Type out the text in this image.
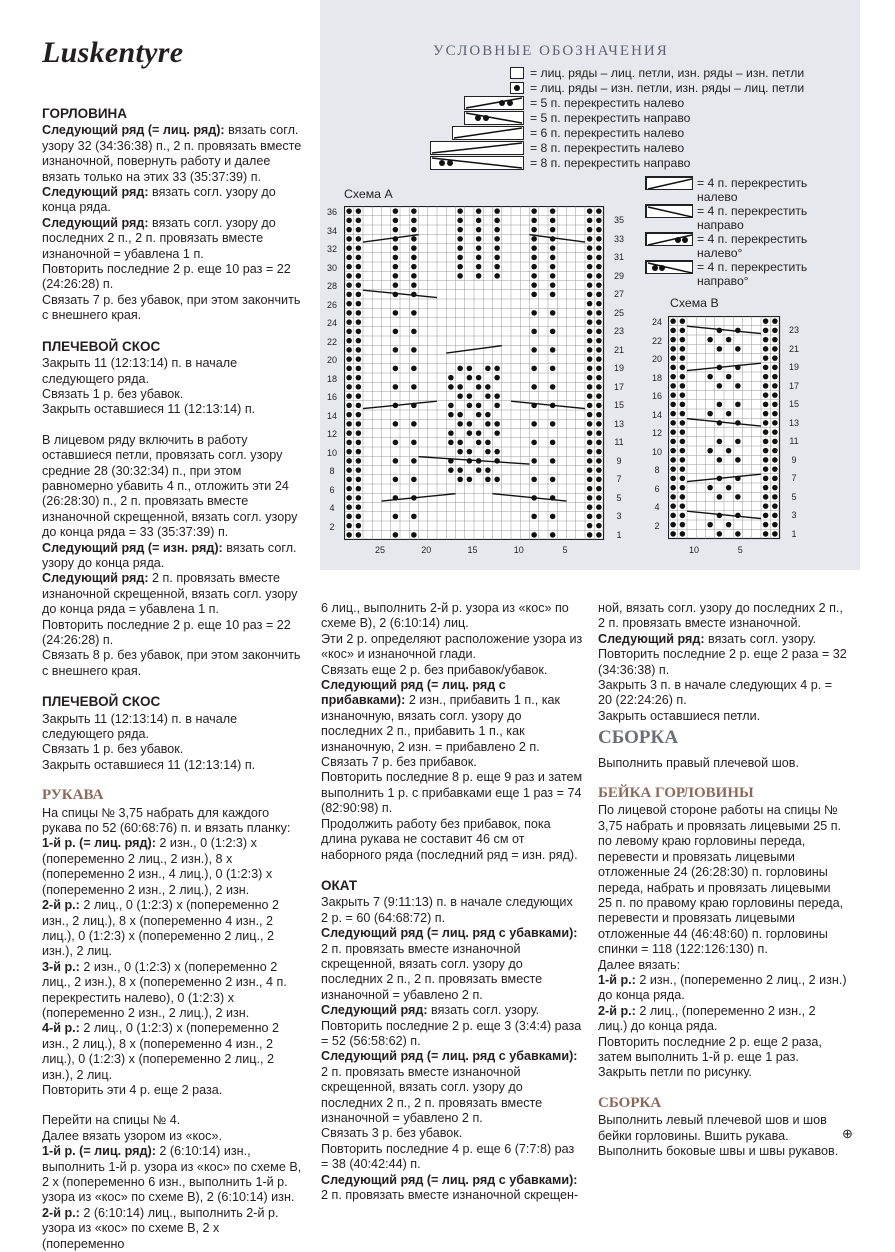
Luskentyre	УСЛОВНЫЕ ОБОЗНАЧЕНИЯ
= лиц. ряды – лиц. петли, изн. ряды – изн. петли
= лиц. ряды – изн. петли, изн. ряды – лиц. петли
= 5 п. перекрестить налево
= 5 п. перекрестить направо
= 6 п. перекрестить налево
= 8 п. перекрестить налево
= 8 п. перекрестить направо
= 4 п. перекрестить налево
= 4 п. перекрестить направо
= 4 п. перекрестить налево°
= 4 п. перекрестить направо°
Схема А
36
34
32
30
28
26
24
22
20
18
16
14
12
10
8
6
4
2
35
33
31
29
27
25
23
21
19
17
15
13
11
9
7
5
3
1
25	20	15	10	5
Схема В
24
22
20
18
16
14
12
10
8
6
4
2
23
21
19
17
15
13
11
9
7
5
3
1
10	5
ГОРЛОВИНА
Следующий ряд (= лиц. ряд): вязать согл. узору 32 (34:36:38) п., 2 п. провязать вместе изнаночной, повернуть работу и далее вязать только на этих 33 (35:37:39) п.
Следующий ряд: вязать согл. узору до конца ряда.
Следующий ряд: вязать согл. узору до последних 2 п., 2 п. провязать вместе изнаночной = убавлена 1 п.
Повторить последние 2 р. еще 10 раз = 22 (24:26:28) п.

Связать 7 р. без убавок, при этом закончить с внешнего края.

ПЛЕЧЕВОЙ СКОС
Закрыть 11 (12:13:14) п. в начале следующего ряда.
Связать 1 р. без убавок.

Закрыть оставшиеся 11 (12:13:14) п.

В лицевом ряду включить в работу оставшиеся петли, провязать согл. узору средние 28 (30:32:34) п., при этом равномерно убавить 4 п., отложить эти 24 (26:28:30) п., 2 п. провязать вместе изнаночной скрещенной, вязать согл. узору до конца ряда = 33 (35:37:39) п.
Следующий ряд (= изн. ряд): вязать согл. узору до конца ряда.
Следующий ряд: 2 п. провязать вместе изнаночной скрещенной, вязать согл. узору до конца ряда = убавлена 1 п.
Повторить последние 2 р. еще 10 раз = 22 (24:26:28) п.

Связать 8 р. без убавок, при этом закончить с внешнего края.

ПЛЕЧЕВОЙ СКОС
Закрыть 11 (12:13:14) п. в начале следующего ряда.
Связать 1 р. без убавок.

Закрыть оставшиеся 11 (12:13:14) п.

РУКАВА
На спицы № 3,75 набрать для каждого рукава по 52 (60:68:76) п. и вязать планку:
1-й р. (= лиц. ряд): 2 изн., 0 (1:2:3) х (попеременно 2 лиц., 2 изн.), 8 х (попеременно 2 изн., 4 лиц.), 0 (1:2:3) х (попеременно 2 изн., 2 лиц.), 2 изн.
2-й р.: 2 лиц., 0 (1:2:3) х (попеременно 2 изн., 2 лиц.), 8 х (попеременно 4 изн., 2 лиц.), 0 (1:2:3) х (попеременно 2 лиц., 2 изн.), 2 лиц.
3-й р.: 2 изн., 0 (1:2:3) х (попеременно 2 лиц., 2 изн.), 8 х (попеременно 2 изн., 4 п. перекрестить налево), 0 (1:2:3) х (попеременно 2 изн., 2 лиц.), 2 изн.
4-й р.: 2 лиц., 0 (1:2:3) х (попеременно 2 изн., 2 лиц.), 8 х (попеременно 4 изн., 2 лиц.), 0 (1:2:3) х (попеременно 2 лиц., 2 изн.), 2 лиц.

Повторить эти 4 р. еще 2 раза.

Перейти на спицы № 4.
Далее вязать узором из «кос».
1-й р. (= лиц. ряд): 2 (6:10:14) изн., выполнить 1-й р. узора из «кос» по схеме В, 2 х (попеременно 6 изн., выполнить 1-й р. узора из «кос» по схеме В), 2 (6:10:14) изн.
2-й р.: 2 (6:10:14) лиц., выполнить 2-й р. узора из «кос» по схеме В, 2 х (попеременно
6 лиц., выполнить 2-й р. узора из «кос» по схеме В), 2 (6:10:14) лиц.
Эти 2 р. определяют расположение узора из «кос» и изнаночной глади.
Связать еще 2 р. без прибавок/убавок.
Следующий ряд (= лиц. ряд с прибавками): 2 изн., прибавить 1 п., как изнаночную, вязать согл. узору до последних 2 п., прибавить 1 п., как изнаночную, 2 изн. = прибавлено 2 п.
Связать 7 р. без прибавок.
Повторить последние 8 р. еще 9 раз и затем выполнить 1 р. с прибавками еще 1 раз = 74 (82:90:98) п.

Продолжить работу без прибавок, пока длина рукава не составит 46 см от наборного ряда (последний ряд = изн. ряд).

ОКАТ
Закрыть 7 (9:11:13) п. в начале следующих 2 р. = 60 (64:68:72) п.
Следующий ряд (= лиц. ряд с убавками): 2 п. провязать вместе изнаночной скрещенной, вязать согл. узору до последних 2 п., 2 п. провязать вместе изнаночной = убавлено 2 п.
Следующий ряд: вязать согл. узору.
Повторить последние 2 р. еще 3 (3:4:4) раза = 52 (56:58:62) п.
Следующий ряд (= лиц. ряд с убавками): 2 п. провязать вместе изнаночной скрещенной, вязать согл. узору до последних 2 п., 2 п. провязать вместе изнаночной = убавлено 2 п.
Связать 3 р. без убавок.
Повторить последние 4 р. еще 6 (7:7:8) раз = 38 (40:42:44) п.
Следующий ряд (= лиц. ряд с убавками): 2 п. провязать вместе изнаночной скрещен-
ной, вязать согл. узору до последних 2 п., 2 п. провязать вместе изнаночной.
Следующий ряд: вязать согл. узору.
Повторить последние 2 р. еще 2 раза = 32 (34:36:38) п.
Закрыть 3 п. в начале следующих 4 р. = 20 (22:24:26) п.
Закрыть оставшиеся петли.
СБОРКА

Выполнить правый плечевой шов.

БЕЙКА ГОРЛОВИНЫ
По лицевой стороне работы на спицы № 3,75 набрать и провязать лицевыми 25 п. по левому краю горловины переда, перевести и провязать лицевыми отложенные 24 (26:28:30) п. горловины переда, набрать и провязать лицевыми 25 п. по правому краю горловины переда, перевести и провязать лицевыми отложенные 44 (46:48:60) п. горловины спинки = 118 (122:126:130) п.
Далее вязать:
1-й р.: 2 изн., (попеременно 2 лиц., 2 изн.) до конца ряда.
2-й р.: 2 лиц., (попеременно 2 изн., 2 лиц.) до конца ряда.
Повторить последние 2 р. еще 2 раза, затем выполнить 1-й р. еще 1 раз.

Закрыть петли по рисунку.

СБОРКА
Выполнить левый плечевой шов и шов бейки горловины. Вшить рукава. Выполнить боковые швы и швы рукавов.
⊕
